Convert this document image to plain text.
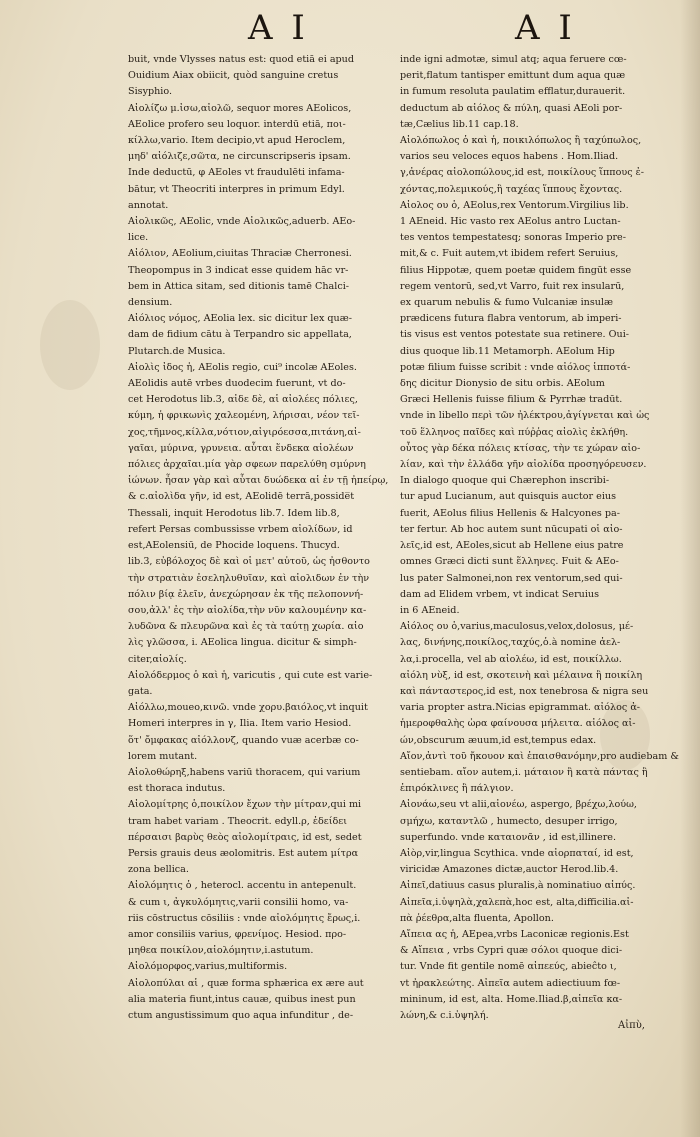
A I	A I
buit, vnde Vlysses natus est: quod etiā ei apud
Ouidium Aiax obiicit, quòd sanguine cretus
Sisyphio.
Αἰολίζω μ.ἰσω,αἰολῶ, sequor mores AEolicos,
AEolice profero seu loquor. interdū etiā, ποι-
κίλλω,vario. Item decipio,vt apud Heroclem,
μηδ' αἰόλιζε,σῶτα, ne circunscripseris ipsam.
Inde deductū, φ AEoles vt fraudulēti infama-
bātur, vt Theocriti interpres in primum Edyl.
annotat.
Αἰολικῶς, AEolic, vnde Αἰολικῶς,aduerb. AEo-
lice.
Αἰόλιον, AEolium,ciuitas Thraciæ Cherronesi.
Theopompus in 3 indicat esse quidem hāc vr-
bem in Attica sitam, sed ditionis tamē Chalci-
densium.
Αἰόλιος νόμος, AEolia lex. sic dicitur lex quæ-
dam de fidium cātu à Terpandro sic appellata,
Plutarch.de Musica.
Αἰολὶς ἰδος ἡ, AEolis regio, cui⁹ incolæ AEoles.
AEolidis autē vrbes duodecim fuerunt, vt do-
cet Herodotus lib.3, αἰδε δὲ, αἱ αἰολέες πόλιες,
κύμη, ἡ φρικωνὶς χαλεομένη, λήρισαι, νέον τεῖ-
χος,τῆμνος,κίλλα,νότιον,αἰγιρόεσσα,πιτάνη,αἰ-
γαῖαι, μύρινα, γρυνεια. αὗται ἕνδεκα αἰολέων
πόλιες ἀρχαῖαι.μία γὰρ σφεων παρελύθη σμύρνη
ἰώνων. ἦσαν γὰρ καὶ αὗται δυώδεκα αἱ ἐν τῇ ἠπείρῳ,
& c.αἰολὶδα γῆν, id est, AEolidē terrā,posside̅t
Thessali, inquit Herodotus lib.7. Idem lib.8,
refert Persas combussisse vrbem αἰολίδων, id
est,AEolensiū, de Phocide loquens. Thucyd.
lib.3, εὐβόλοχος δὲ καὶ οἱ μετ' αὐτοῦ, ὡς ἠσθοντο
τὴν στρατιὰν ἐσεληλυθυῖαν, καὶ αἰολιδων ἐν τὴν
πόλιν βίᾳ ἑλεῖν, ἀνεχώρησαν ἐκ τῆς πελοποννή-
σου,ἀλλ' ἐς τὴν αἰολίδα,τὴν νῦν καλουμένην κα-
λυδῶνα & πλευρῶνα καὶ ἐς τὰ ταύτῃ χωρία. αἰο
λὶς γλῶσσα, i. AEolica lingua. dicitur & simph-
citer,αἰολίς.
Αἰολόδερμος ὁ καὶ ἡ, varicutis , qui cute est varie-
gata.
Αἰόλλω,moueo,κινῶ. vnde χορυ.βαιόλος,vt inquit
Homeri interpres in γ, Ilia. Item vario Hesiod.
ὅτ' ὄμφακας αἰόλλονζ, quando vuæ acerbæ co-
lorem mutant.
Αἰολοθώρηξ,habens variū thoracem, qui varium
est thoraca indutus.
Αἰολομίτρης ὁ,ποικίλον ἔχων τὴν μίτραν,qui mi
tram habet variam . Theocrit. edyll.ρ, ἐδείδει
πέρσαισι βαρὺς θεὸς αἰολομίτραις, id est, sedet
Persis grauis deus æolomitris. Est autem μίτρα
zona bellica.
Αἰολόμητις ὁ , heterocl. accentu in antepenult.
& cum ι, ἀγκυλόμητις,varii consilii homo, va-
riis cōstructus cōsiliis : vnde αἰολόμητις ἔρως,i.
amor consiliis varius, φρενίμος. Hesiod. προ-
μηθεα ποικίλον,αἰολόμητιν,i.astutum.
Αἰολόμορφος,varius,multiformis.
Αἰολοπύλαι αἱ , quæ forma sphærica ex ære aut
alia materia fiunt,intus cauæ, quibus inest pun
ctum angustissimum quo aqua infunditur , de-
inde igni admotæ, simul atq; aqua feruere cœ-
perit,flatum tantisper emittunt dum aqua quæ
in fumum resoluta paulatim efflatur,durauerit.
deductum ab αἰόλος & πύλη, quasi AEoli por-
tæ,Cælius lib.11 cap.18.
Αἰολόπωλος ὁ καὶ ἡ, ποικιλόπωλος ἢ ταχύπωλος,
varios seu veloces equos habens . Hom.Iliad.
γ,ἀνέρας αἰολοπώλους,id est, ποικίλους ἵππους ἐ-
χόντας,πολεμικούς,ἢ ταχέας ἵππους ἔχοντας.
Αἰολος ου ὁ, AEolus,rex Ventorum.Virgilius lib.
1 AEneid. Hic vasto rex AEolus antro Luctan-
tes ventos tempestatesq; sonoras Imperio pre-
mit,& c. Fuit autem,vt ibidem refert Seruius,
filius Hippotæ, quem poetæ quidem fingūt esse
regem ventorū, sed,vt Varro, fuit rex insularū,
ex quarum nebulis & fumo Vulcaniæ insulæ
prædicens futura flabra ventorum, ab imperi-
tis visus est ventos potestate sua retinere. Oui-
dius quoque lib.11 Metamorph. AEolum Hip
potæ filium fuisse scribit : vnde αἰόλος ἱπποτά-
δης dicitur Dionysio de situ orbis. AEolum
Græci Hellenis fuisse filium & Pyrrhæ tradūt.
vnde in libello περὶ τῶν ἠλέκτρου,ἀγίγνεται καὶ ὡς
τοῦ ἕλληνος παῖδες καὶ πύῤῥας αἰολὶς ἐκλήθη.
οὗτος γὰρ δέκα πόλεις κτίσας, τὴν τε χώραν αἰο-
λίαν, καὶ τὴν ἑλλάδα γῆν αἰολίδα προσηγόρευσεν.
In dialogo quoque qui Chærephon inscribi-
tur apud Lucianum, aut quisquis auctor eius
fuerit, AEolus filius Hellenis & Halcyones pa-
ter fertur. Ab hoc autem sunt nūcupati οἱ αἰο-
λεῖς,id est, AEoles,sicut ab Hellene eius patre
omnes Græci dicti sunt ἕλληνες. Fuit & AEo-
lus pater Salmonei,non rex ventorum,sed qui-
dam ad Elidem vrbem, vt indicat Seruius
in 6 AEneid.
Αἰόλος ου ὁ,varius,maculosus,velox,dolosus, μέ-
λας, δινήνης,ποικίλος,ταχύς,ὁ.à nomine ἀελ-
λα,i.procella, vel ab αἰολέω, id est, ποικίλλω.
αἰόλη νὺξ, id est, σκοτεινὴ καὶ μέλαινα ἢ ποικίλη
καὶ πάνταστερος,id est, nox tenebrosa & nigra seu
varia propter astra.Nicias epigrammat. αἰόλος ἀ-
ἡμεροφθαλὴς ὡρα φαίνουσα μήλειτα. αἰόλος αἰ-
ών,obscurum æuum,id est,tempus edax.
Αἴον,ἀντὶ τοῦ ἤκουον καὶ ἐπαισθανόμην,pro audiebam &
sentiebam. αἴον autem,i. μάταιον ἢ κατὰ πάντας ἢ
ἐπιρόκλινες ἢ πάλγιον.
Αἰονάω,seu vt alii,αἰονέω, aspergo, βρέχω,λούω,
σμήχω, καταντλῶ , humecto, desuper irrigo,
superfundo. vnde καταιονᾶν , id est,illinere.
Αἰὸρ,vir,lingua Scythica. vnde αἰορπαταί, id est,
viricidæ Amazones dictæ,auctor Herod.lib.4.
Αἰπεῖ,datiuus casus pluralis,à nominatiuo αἰπύς.
Αἰπεῖα,i.ὑψηλὰ,χαλεπὰ,hoc est, alta,difficilia.αἰ-
πὰ ῥέεθρα,alta fluenta, Apollon.
Αἴπεια ας ἡ, AEpea,vrbs Laconicæ regionis.Est
& Αἴπεια , vrbs Cypri quæ σόλοι quoque dici-
tur. Vnde fit gentile nomē αἰπεεύς, abieĉto ι,
vt ἠρακλεώτης. Αἰπεῖα autem adiectiuum fœ-
mininum, id est, alta. Home.Iliad.β,αἰπεῖα κα-
λώνη,& c.i.ὑψηλή.
Αἰπὺ,
